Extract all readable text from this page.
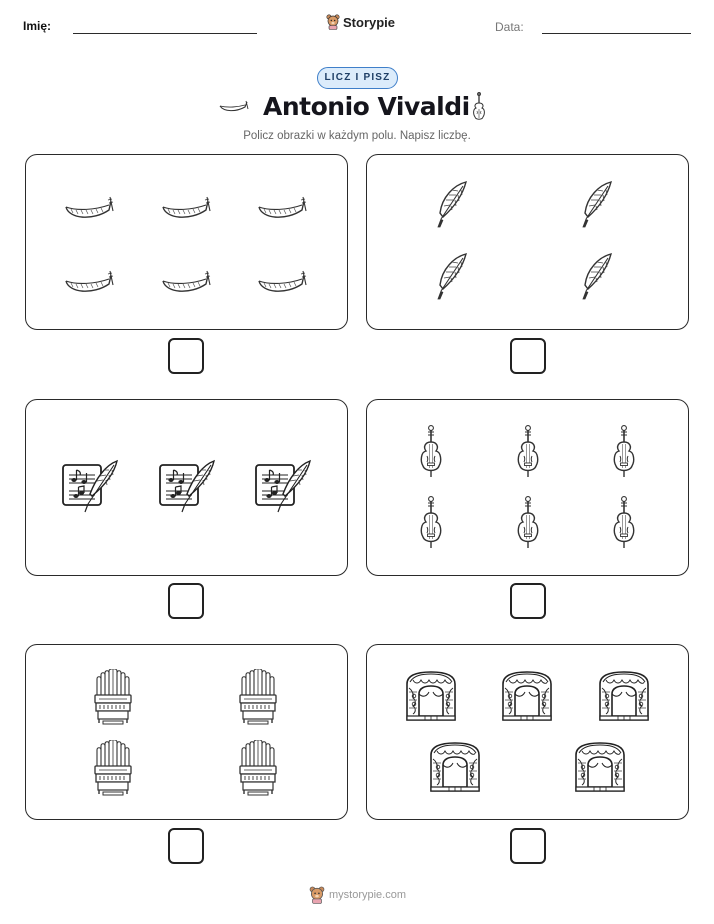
Imię:	Storypie	Data:
LICZ I PISZ
Antonio Vivaldi
Policz obrazki w każdym polu. Napisz liczbę.
mystorypie.com
